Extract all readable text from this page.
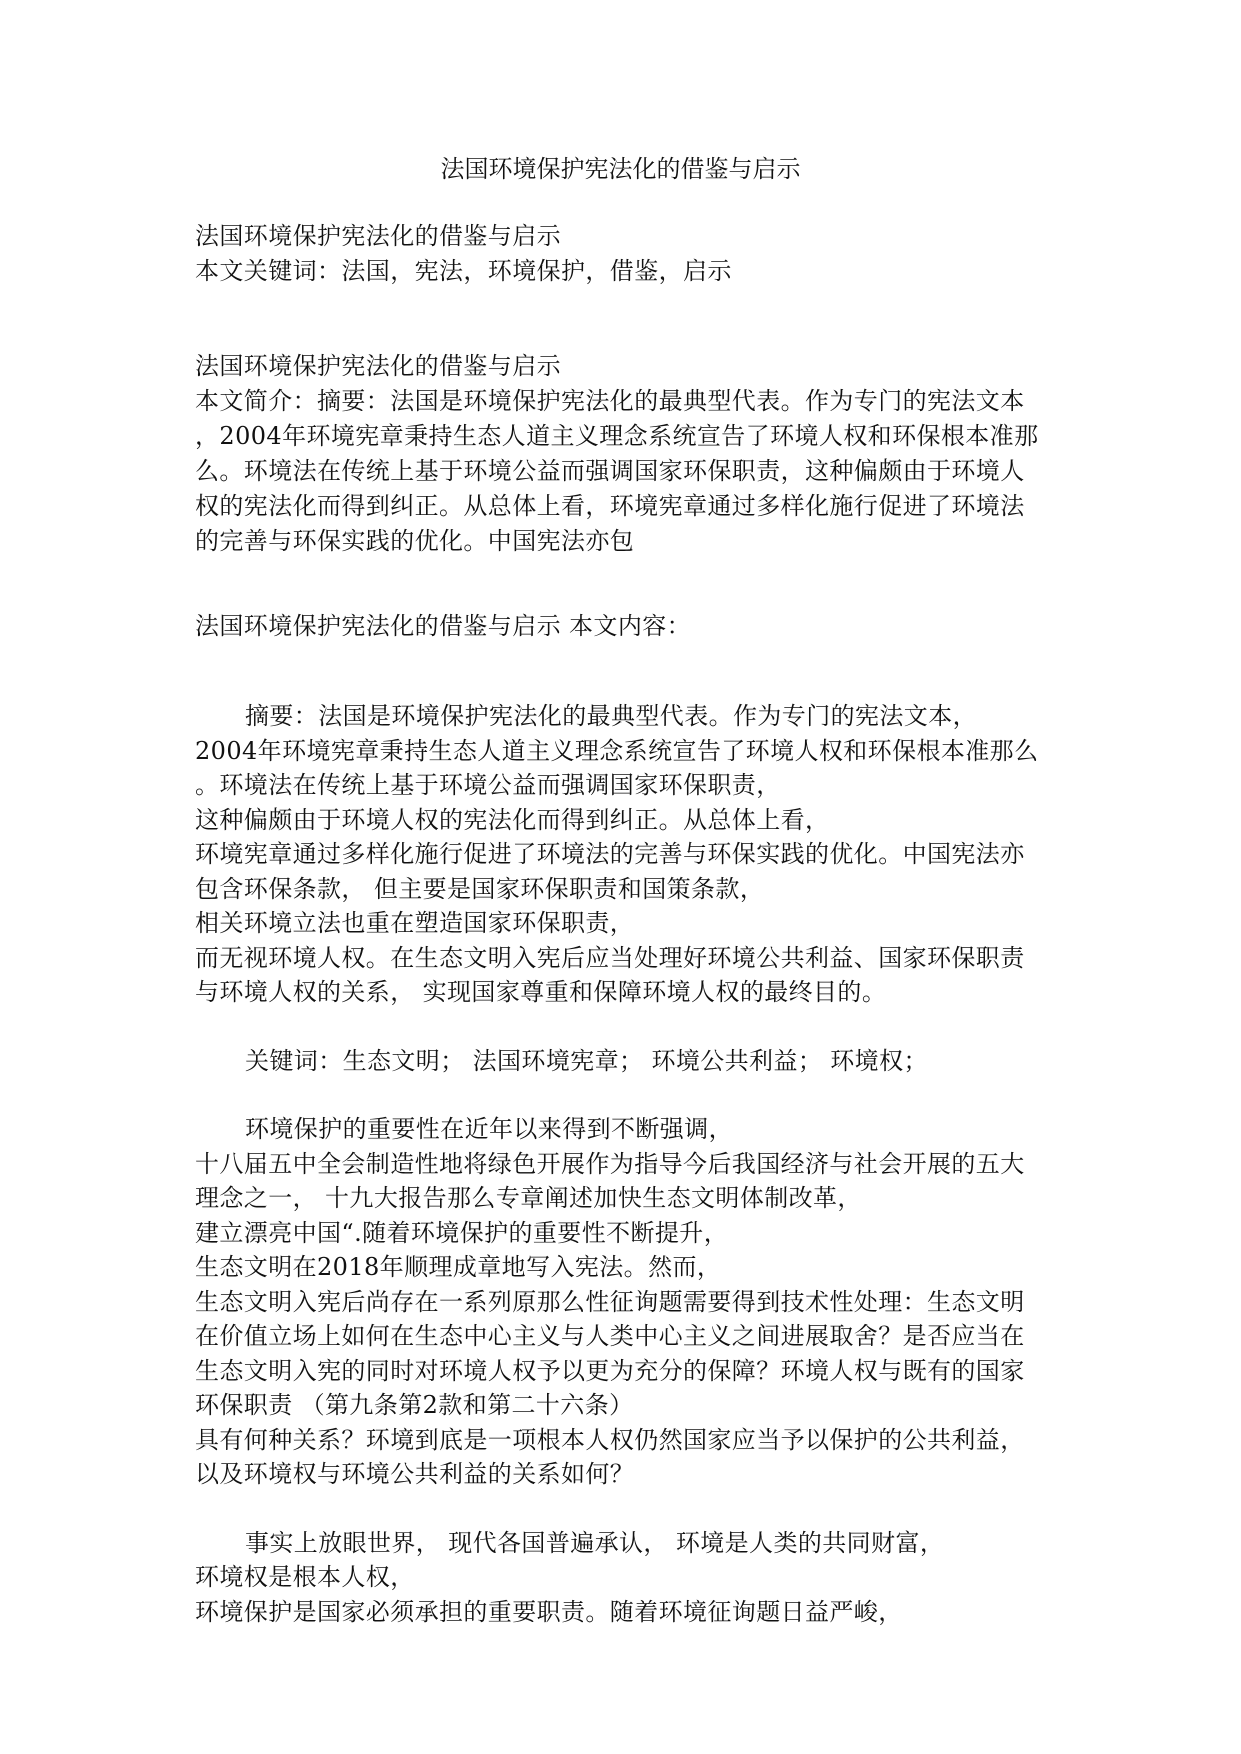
法国环境保护宪法化的借鉴与启示
法国环境保护宪法化的借鉴与启示
本文关键词：法国，宪法，环境保护，借鉴，启示
法国环境保护宪法化的借鉴与启示
本文简介：摘要：法国是环境保护宪法化的最典型代表。作为专门的宪法文本
，2004年环境宪章秉持生态人道主义理念系统宣告了环境人权和环保根本准那
么。环境法在传统上基于环境公益而强调国家环保职责，这种偏颇由于环境人
权的宪法化而得到纠正。从总体上看，环境宪章通过多样化施行促进了环境法
的完善与环保实践的优化。中国宪法亦包
法国环境保护宪法化的借鉴与启示 本文内容：
摘要：法国是环境保护宪法化的最典型代表。作为专门的宪法文本，
2004年环境宪章秉持生态人道主义理念系统宣告了环境人权和环保根本准那么
。环境法在传统上基于环境公益而强调国家环保职责，
这种偏颇由于环境人权的宪法化而得到纠正。从总体上看，
环境宪章通过多样化施行促进了环境法的完善与环保实践的优化。中国宪法亦
包含环保条款， 但主要是国家环保职责和国策条款，
相关环境立法也重在塑造国家环保职责，
而无视环境人权。在生态文明入宪后应当处理好环境公共利益、国家环保职责
与环境人权的关系， 实现国家尊重和保障环境人权的最终目的。
关键词：生态文明； 法国环境宪章； 环境公共利益； 环境权；
环境保护的重要性在近年以来得到不断强调，
十八届五中全会制造性地将绿色开展作为指导今后我国经济与社会开展的五大
理念之一， 十九大报告那么专章阐述加快生态文明体制改革，
建立漂亮中国“.随着环境保护的重要性不断提升，
生态文明在2018年顺理成章地写入宪法。然而，
生态文明入宪后尚存在一系列原那么性征询题需要得到技术性处理：生态文明
在价值立场上如何在生态中心主义与人类中心主义之间进展取舍？是否应当在
生态文明入宪的同时对环境人权予以更为充分的保障？环境人权与既有的国家
环保职责 （第九条第2款和第二十六条）
具有何种关系？环境到底是一项根本人权仍然国家应当予以保护的公共利益，
以及环境权与环境公共利益的关系如何？
事实上放眼世界， 现代各国普遍承认， 环境是人类的共同财富，
环境权是根本人权，
环境保护是国家必须承担的重要职责。随着环境征询题日益严峻，
